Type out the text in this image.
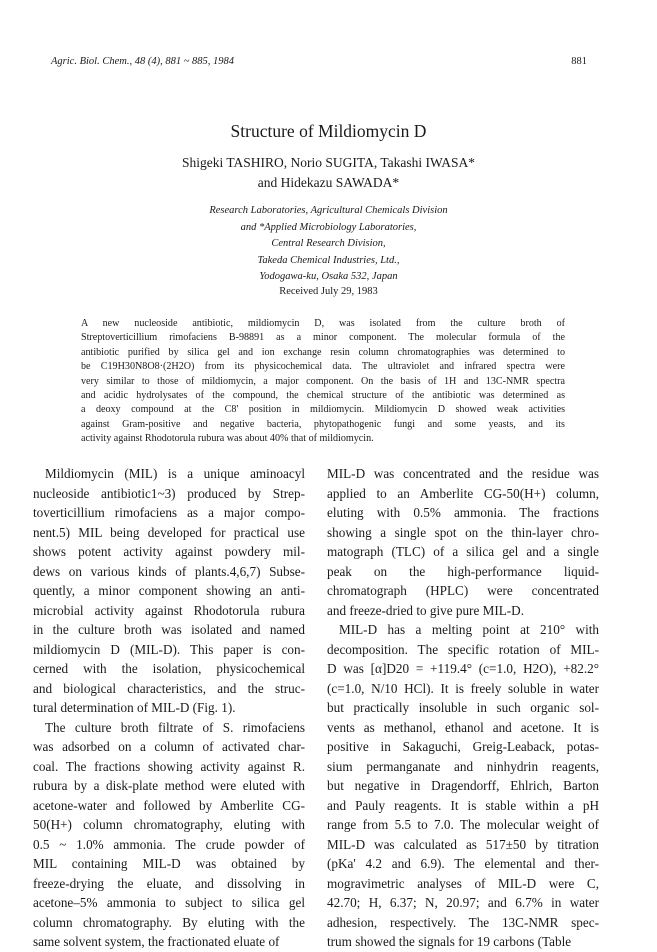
Agric. Biol. Chem., 48 (4), 881 ~ 885, 1984	881
Structure of Mildiomycin D
Shigeki TASHIRO, Norio SUGITA, Takashi IWASA*
and Hidekazu SAWADA*
Research Laboratories, Agricultural Chemicals Division
and *Applied Microbiology Laboratories,
Central Research Division,
Takeda Chemical Industries, Ltd.,
Yodogawa-ku, Osaka 532, Japan
Received July 29, 1983
A new nucleoside antibiotic, mildiomycin D, was isolated from the culture broth of
Streptoverticillium rimofaciens B-98891 as a minor component. The molecular formula of the
antibiotic purified by silica gel and ion exchange resin column chromatographies was determined to
be C19H30N8O8·(2H2O) from its physicochemical data. The ultraviolet and infrared spectra were
very similar to those of mildiomycin, a major component. On the basis of 1H and 13C-NMR spectra
and acidic hydrolysates of the compound, the chemical structure of the antibiotic was determined as
a deoxy compound at the C8' position in mildiomycin. Mildiomycin D showed weak activities
against Gram-positive and negative bacteria, phytopathogenic fungi and some yeasts, and its
activity against Rhodotorula rubura was about 40% that of mildiomycin.
Mildiomycin (MIL) is a unique aminoacyl
nucleoside antibiotic1~3) produced by Strep-
toverticillium rimofaciens as a major compo-
nent.5) MIL being developed for practical use
shows potent activity against powdery mil-
dews on various kinds of plants.4,6,7) Subse-
quently, a minor component showing an anti-
microbial activity against Rhodotorula rubura
in the culture broth was isolated and named
mildiomycin D (MIL-D). This paper is con-
cerned with the isolation, physicochemical
and biological characteristics, and the struc-
tural determination of MIL-D (Fig. 1).
The culture broth filtrate of S. rimofaciens
was adsorbed on a column of activated char-
coal. The fractions showing activity against R.
rubura by a disk-plate method were eluted with
acetone-water and followed by Amberlite CG-
50(H+) column chromatography, eluting with
0.5 ~ 1.0% ammonia. The crude powder of
MIL containing MIL-D was obtained by
freeze-drying the eluate, and dissolving in
acetone–5% ammonia to subject to silica gel
column chromatography. By eluting with the
same solvent system, the fractionated eluate of
MIL-D was concentrated and the residue was
applied to an Amberlite CG-50(H+) column,
eluting with 0.5% ammonia. The fractions
showing a single spot on the thin-layer chro-
matograph (TLC) of a silica gel and a single
peak on the high-performance liquid-
chromatograph (HPLC) were concentrated
and freeze-dried to give pure MIL-D.
MIL-D has a melting point at 210° with
decomposition. The specific rotation of MIL-
D was [α]D20 = +119.4° (c=1.0, H2O), +82.2°
(c=1.0, N/10 HCl). It is freely soluble in water
but practically insoluble in such organic sol-
vents as methanol, ethanol and acetone. It is
positive in Sakaguchi, Greig-Leaback, potas-
sium permanganate and ninhydrin reagents,
but negative in Dragendorff, Ehlrich, Barton
and Pauly reagents. It is stable within a pH
range from 5.5 to 7.0. The molecular weight of
MIL-D was calculated as 517±50 by titration
(pKa' 4.2 and 6.9). The elemental and ther-
mogravimetric analyses of MIL-D were C,
42.70; H, 6.37; N, 20.97; and 6.7% in water
adhesion, respectively. The 13C-NMR spec-
trum showed the signals for 19 carbons (Table
